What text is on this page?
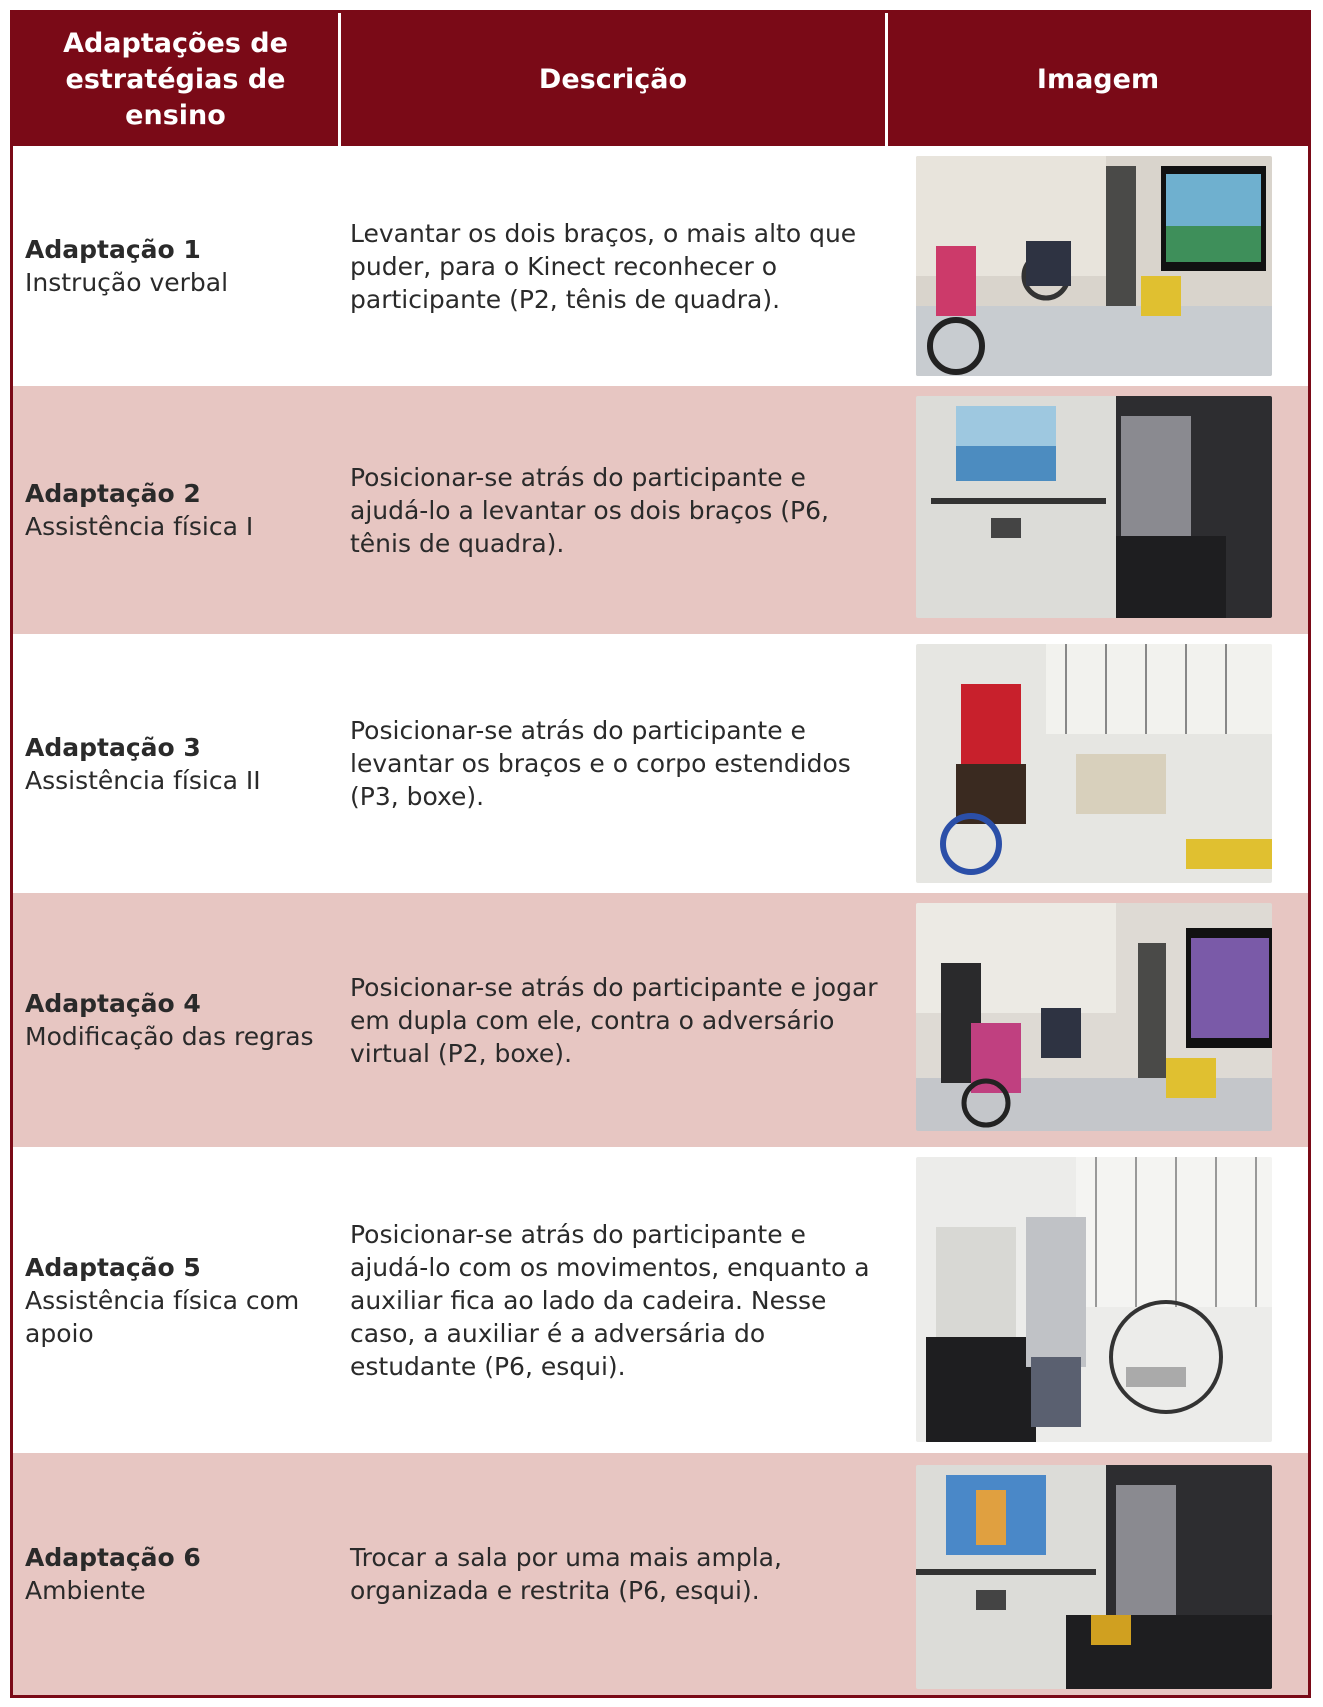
Adaptações de estratégias de ensino
Descrição	Imagem
Adaptação 1
Instrução verbal
Levantar os dois braços, o mais alto que puder, para o Kinect reconhecer o participante (P2, tênis de quadra).
Adaptação 2
Assistência física I
Posicionar-se atrás do participante e ajudá-lo a levantar os dois braços (P6, tênis de quadra).
Adaptação 3
Assistência física II
Posicionar-se atrás do participante e levantar os braços e o corpo estendidos (P3, boxe).
Adaptação 4
Modificação das regras
Posicionar-se atrás do participante e jogar em dupla com ele, contra o adversário virtual (P2, boxe).
Adaptação 5
Assistência física com apoio
Posicionar-se atrás do participante e ajudá-lo com os movimentos, enquanto a auxiliar fica ao lado da cadeira. Nesse caso, a auxiliar é a adversária do estudante (P6, esqui).
Adaptação 6
Ambiente
Trocar a sala por uma mais ampla, organizada e restrita (P6, esqui).
